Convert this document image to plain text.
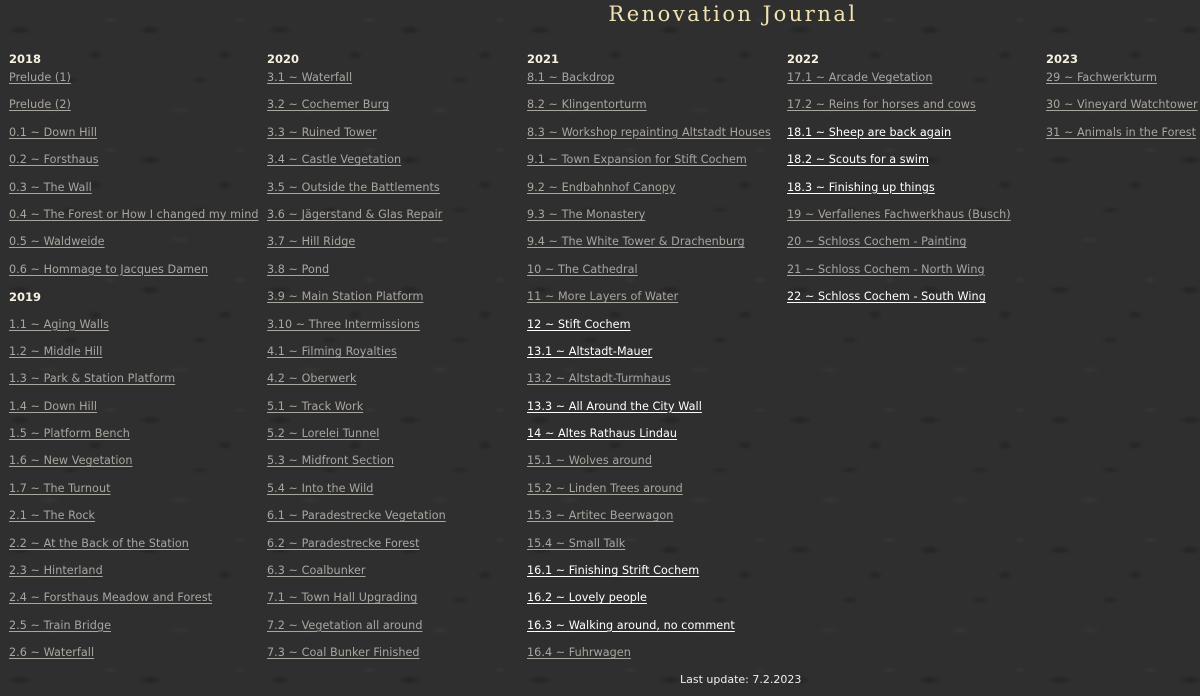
Renovation Journal
2018
Prelude (1)
Prelude (2)
0.1 ~ Down Hill
0.2 ~ Forsthaus
0.3 ~ The Wall
0.4 ~ The Forest or How I changed my mind
0.5 ~ Waldweide
0.6 ~ Hommage to Jacques Damen
2019
1.1 ~ Aging Walls
1.2 ~ Middle Hill
1.3 ~ Park & Station Platform
1.4 ~ Down Hill
1.5 ~ Platform Bench
1.6 ~ New Vegetation
1.7 ~ The Turnout
2.1 ~ The Rock
2.2 ~ At the Back of the Station
2.3 ~ Hinterland
2.4 ~ Forsthaus Meadow and Forest
2.5 ~ Train Bridge
2.6 ~ Waterfall
2020
3.1 ~ Waterfall
3.2 ~ Cochemer Burg
3.3 ~ Ruined Tower
3.4 ~ Castle Vegetation
3.5 ~ Outside the Battlements
3.6 ~ Jägerstand & Glas Repair
3.7 ~ Hill Ridge
3.8 ~ Pond
3.9 ~ Main Station Platform
3.10 ~ Three Intermissions
4.1 ~ Filming Royalties
4.2 ~ Oberwerk
5.1 ~ Track Work
5.2 ~ Lorelei Tunnel
5.3 ~ Midfront Section
5.4 ~ Into the Wild
6.1 ~ Paradestrecke Vegetation
6.2 ~ Paradestrecke Forest
6.3 ~ Coalbunker
7.1 ~ Town Hall Upgrading
7.2 ~ Vegetation all around
7.3 ~ Coal Bunker Finished
2021
8.1 ~ Backdrop
8.2 ~ Klingentorturm
8.3 ~ Workshop repainting Altstadt Houses
9.1 ~ Town Expansion for Stift Cochem
9.2 ~ Endbahnhof Canopy
9.3 ~ The Monastery
9.4 ~ The White Tower & Drachenburg
10 ~ The Cathedral
11 ~ More Layers of Water
12 ~ Stift Cochem
13.1 ~ Altstadt-Mauer
13.2 ~ Altstadt-Turmhaus
13.3 ~ All Around the City Wall
14 ~ Altes Rathaus Lindau
15.1 ~ Wolves around
15.2 ~ Linden Trees around
15.3 ~ Artitec Beerwagon
15.4 ~ Small Talk
16.1 ~ Finishing Strift Cochem
16.2 ~ Lovely people
16.3 ~ Walking around, no comment
16.4 ~ Fuhrwagen
2022
17.1 ~ Arcade Vegetation
17.2 ~ Reins for horses and cows
18.1 ~ Sheep are back again
18.2 ~ Scouts for a swim
18.3 ~ Finishing up things
19 ~ Verfallenes Fachwerkhaus (Busch)
20 ~ Schloss Cochem - Painting
21 ~ Schloss Cochem - North Wing
22 ~ Schloss Cochem - South Wing
2023
29 ~ Fachwerkturm
30 ~ Vineyard Watchtower
31 ~ Animals in the Forest
Last update: 7.2.2023
